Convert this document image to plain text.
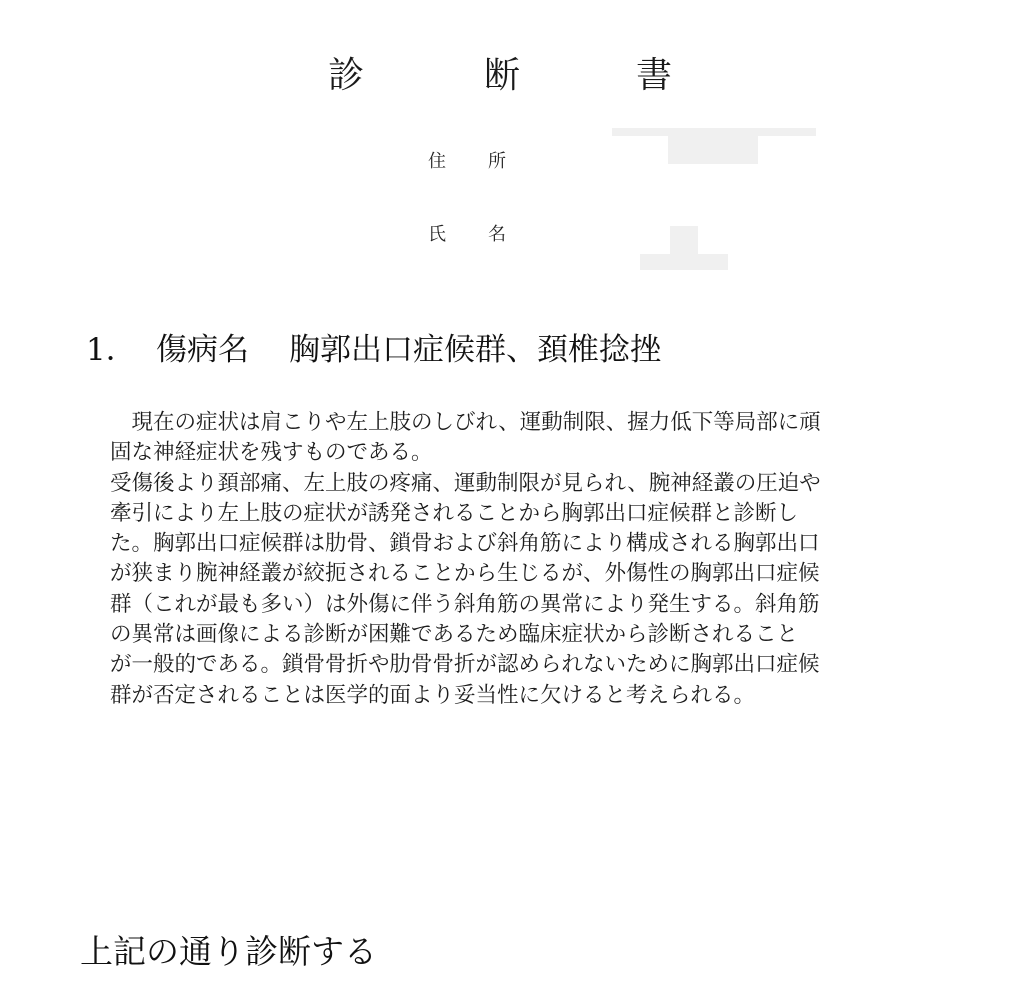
診	断	書
住 所
氏 名
1． 傷病名 胸郭出口症候群、頚椎捻挫
　現在の症状は肩こりや左上肢のしびれ、運動制限、握力低下等局部に頑
固な神経症状を残すものである。
受傷後より頚部痛、左上肢の疼痛、運動制限が見られ、腕神経叢の圧迫や
牽引により左上肢の症状が誘発されることから胸郭出口症候群と診断し
た。胸郭出口症候群は肋骨、鎖骨および斜角筋により構成される胸郭出口
が狭まり腕神経叢が絞扼されることから生じるが、外傷性の胸郭出口症候
群（これが最も多い）は外傷に伴う斜角筋の異常により発生する。斜角筋
の異常は画像による診断が困難であるため臨床症状から診断されること
が一般的である。鎖骨骨折や肋骨骨折が認められないために胸郭出口症候
群が否定されることは医学的面より妥当性に欠けると考えられる。
上記の通り診断する
